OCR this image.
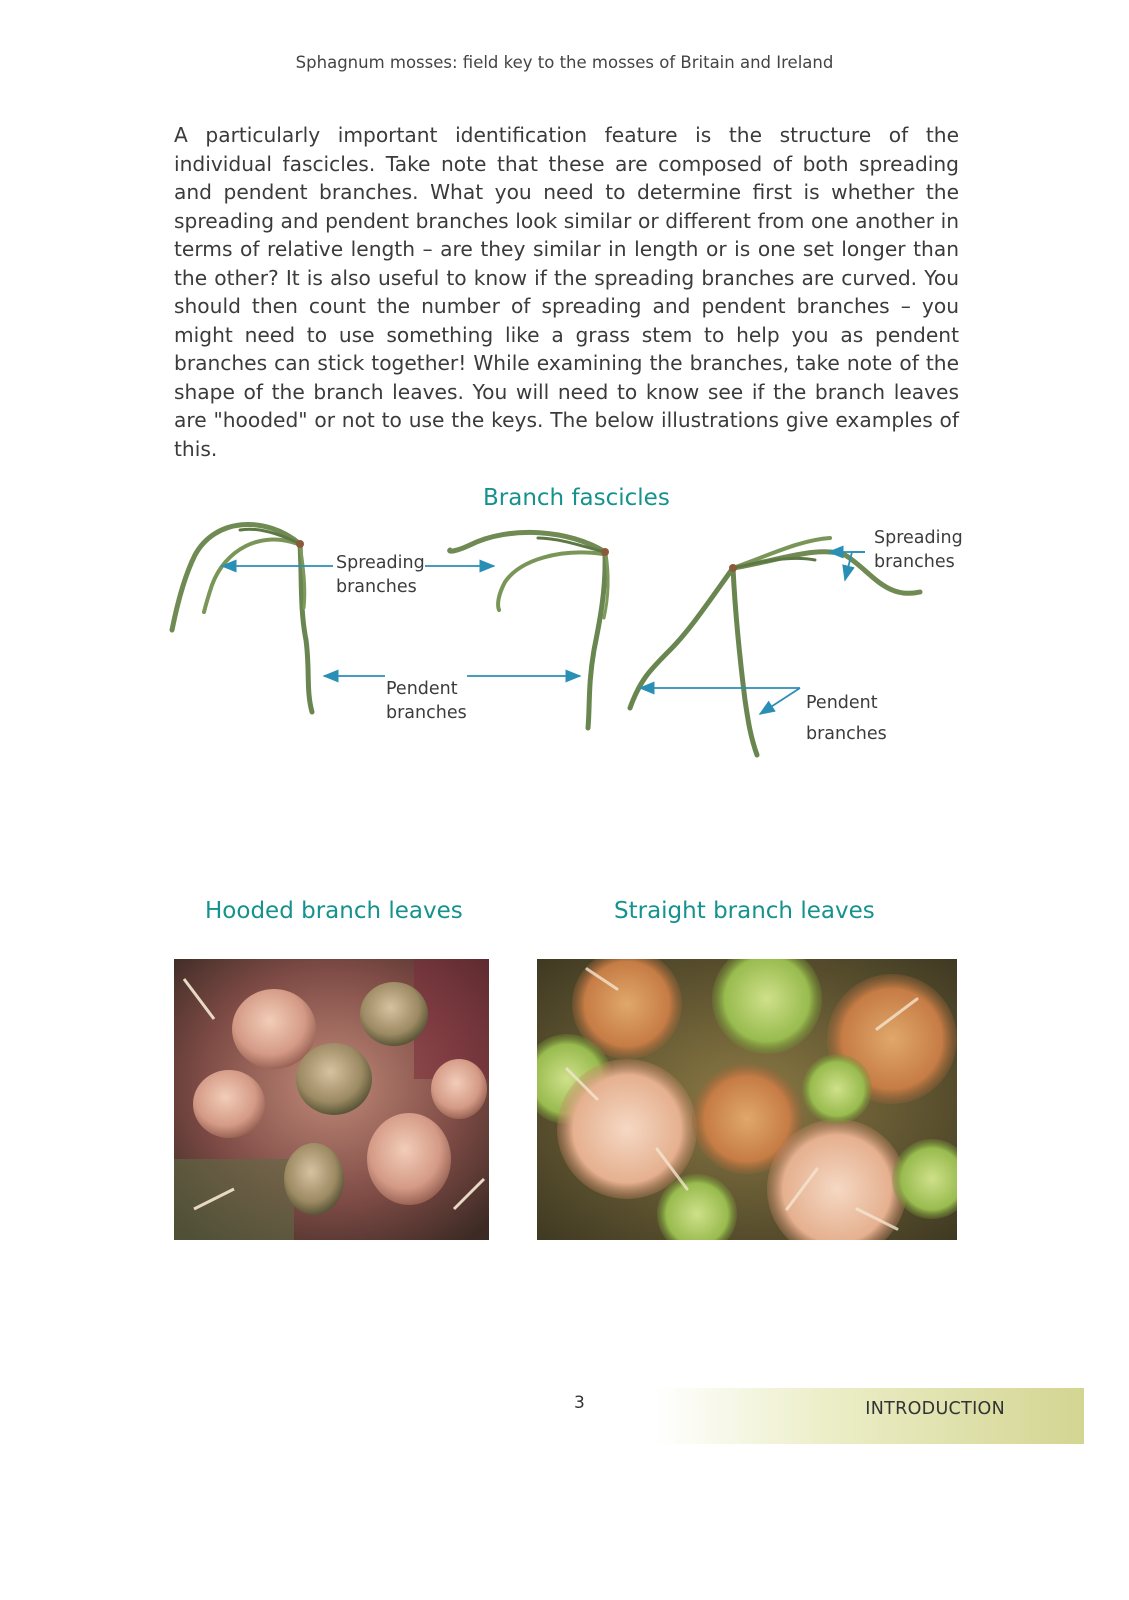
Sphagnum mosses: field key to the mosses of Britain and Ireland

A particularly important identification feature is the structure of the individual fascicles. Take note that these are composed of both spreading and pendent branches. What you need to determine first is whether the spreading and pendent branches look similar or different from one another in terms of relative length – are they similar in length or is one set longer than the other? It is also useful to know if the spreading branches are curved. You should then count the number of spreading and pendent branches – you might need to use something like a grass stem to help you as pendent branches can stick together! While examining the branches, take note of the shape of the branch leaves. You will need to know see if the branch leaves are "hooded" or not to use the keys. The below illustrations give examples of this.

Branch fascicles
Spreading
branches
Pendent
branches
Spreading
branches
Pendent
branches
Hooded branch leaves	Straight branch leaves
3	INTRODUCTION
